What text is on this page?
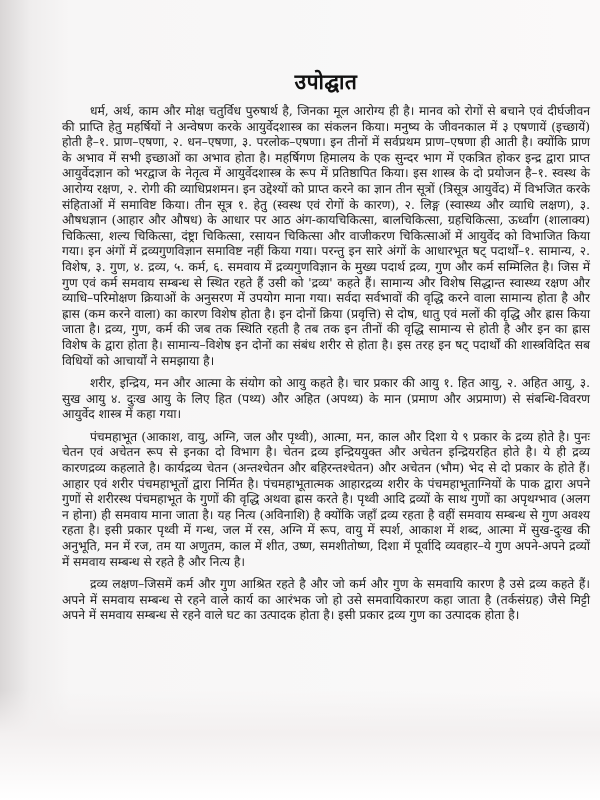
उपोद्घात

धर्म, अर्थ, काम और मोक्ष चतुर्विध पुरुषार्थ है, जिनका मूल आरोग्य ही है। मानव को रोगों से बचाने एवं दीर्घजीवन की प्राप्ति हेतु महर्षियों ने अन्वेषण करके आयुर्वेदशास्त्र का संकलन किया। मनुष्य के जीवनकाल में ३ एषणायें (इच्छायें) होती है–१. प्राण–एषणा, २. धन–एषणा, ३. परलोक–एषणा। इन तीनों में सर्वप्रथम प्राण–एषणा ही आती है। क्योंकि प्राण के अभाव में सभी इच्छाओं का अभाव होता है। महर्षिगण हिमालय के एक सुन्दर भाग में एकत्रित होकर इन्द्र द्वारा प्राप्त आयुर्वेदज्ञान को भरद्वाज के नेतृत्व में आयुर्वेदशास्त्र के रूप में प्रतिष्ठापित किया। इस शास्त्र के दो प्रयोजन है–१. स्वस्थ के आरोग्य रक्षण, २. रोगी की व्याधिप्रशमन। इन उद्देश्यों को प्राप्त करने का ज्ञान तीन सूत्रों (त्रिसूत्र आयुर्वेद) में विभजित करके संहिताओं में समाविष्ट किया। तीन सूत्र १. हेतु (स्वस्थ एवं रोगों के कारण), २. लिङ्ग (स्वास्थ्य और व्याधि लक्षण), ३. औषधज्ञान (आहार और औषध) के आधार पर आठ अंग-कायचिकित्सा, बालचिकित्सा, ग्रहचिकित्सा, ऊर्ध्वांग (शालाक्य) चिकित्सा, शल्य चिकित्सा, दंष्ट्रा चिकित्सा, रसायन चिकित्सा और वाजीकरण चिकित्साओं में आयुर्वेद को विभाजित किया गया। इन अंगों में द्रव्यगुणविज्ञान समाविष्ट नहीं किया गया। परन्तु इन सारे अंगों के आधारभूत षट् पदार्थों–१. सामान्य, २. विशेष, ३. गुण, ४. द्रव्य, ५. कर्म, ६. समवाय में द्रव्यगुणविज्ञान के मुख्य पदार्थ द्रव्य, गुण और कर्म सम्मिलित है। जिस में गुण एवं कर्म समवाय सम्बन्ध से स्थित रहते हैं उसी को 'द्रव्य' कहते हैं। सामान्य और विशेष सिद्धान्त स्वास्थ्य रक्षण और व्याधि–परिमोक्षण क्रियाओं के अनुसरण में उपयोग माना गया। सर्वदा सर्वभावों की वृद्धि करने वाला सामान्य होता है और ह्रास (कम करने वाला) का कारण विशेष होता है। इन दोनों क्रिया (प्रवृत्ति) से दोष, धातु एवं मलों की वृद्धि और ह्रास किया जाता है। द्रव्य, गुण, कर्म की जब तक स्थिति रहती है तब तक इन तीनों की वृद्धि सामान्य से होती है और इन का ह्रास विशेष के द्वारा होता है। सामान्य–विशेष इन दोनों का संबंध शरीर से होता है। इस तरह इन षट् पदार्थों की शास्त्रविदित सब विधियों को आचार्यों ने समझाया है।

शरीर, इन्द्रिय, मन और आत्मा के संयोग को आयु कहते है। चार प्रकार की आयु १. हित आयु, २. अहित आयु, ३. सुख आयु ४. दुःख आयु के लिए हित (पथ्य) और अहित (अपथ्य) के मान (प्रमाण और अप्रमाण) से संबन्धि-विवरण आयुर्वेद शास्त्र में कहा गया।

पंचमहाभूत (आकाश, वायु, अग्नि, जल और पृथ्वी), आत्मा, मन, काल और दिशा ये ९ प्रकार के द्रव्य होते है। पुनः चेतन एवं अचेतन रूप से इनका दो विभाग है। चेतन द्रव्य इन्द्रिययुक्त और अचेतन इन्द्रियरहित होते है। ये ही द्रव्य कारणद्रव्य कहलाते है। कार्यद्रव्य चेतन (अन्तश्चेतन और बहिरन्तश्चेतन) और अचेतन (भौम) भेद से दो प्रकार के होते हैं। आहार एवं शरीर पंचमहाभूतों द्वारा निर्मित है। पंचमहाभूतात्मक आहारद्रव्य शरीर के पंचमहाभूताग्नियों के पाक द्वारा अपने गुणों से शरीरस्थ पंचमहाभूत के गुणों की वृद्धि अथवा ह्रास करते है। पृथ्वी आदि द्रव्यों के साथ गुणों का अपृथग्भाव (अलग न होना) ही समवाय माना जाता है। यह नित्य (अविनाशि) है क्योंकि जहाँ द्रव्य रहता है वहीं समवाय सम्बन्ध से गुण अवश्य रहता है। इसी प्रकार पृथ्वी में गन्ध, जल में रस, अग्नि में रूप, वायु में स्पर्श, आकाश में शब्द, आत्मा में सुख-दुःख की अनुभूति, मन में रज, तम या अणुतम, काल में शीत, उष्ण, समशीतोष्ण, दिशा में पूर्वादि व्यवहार–ये गुण अपने-अपने द्रव्यों में समवाय सम्बन्ध से रहते है और नित्य है।

द्रव्य लक्षण–जिसमें कर्म और गुण आश्रित रहते है और जो कर्म और गुण के समवायि कारण है उसे द्रव्य कहते हैं। अपने में समवाय सम्बन्ध से रहने वाले कार्य का आरंभक जो हो उसे समवायिकारण कहा जाता है (तर्कसंग्रह) जैसे मिट्टी अपने में समवाय सम्बन्ध से रहने वाले घट का उत्पादक होता है। इसी प्रकार द्रव्य गुण का उत्पादक होता है।
